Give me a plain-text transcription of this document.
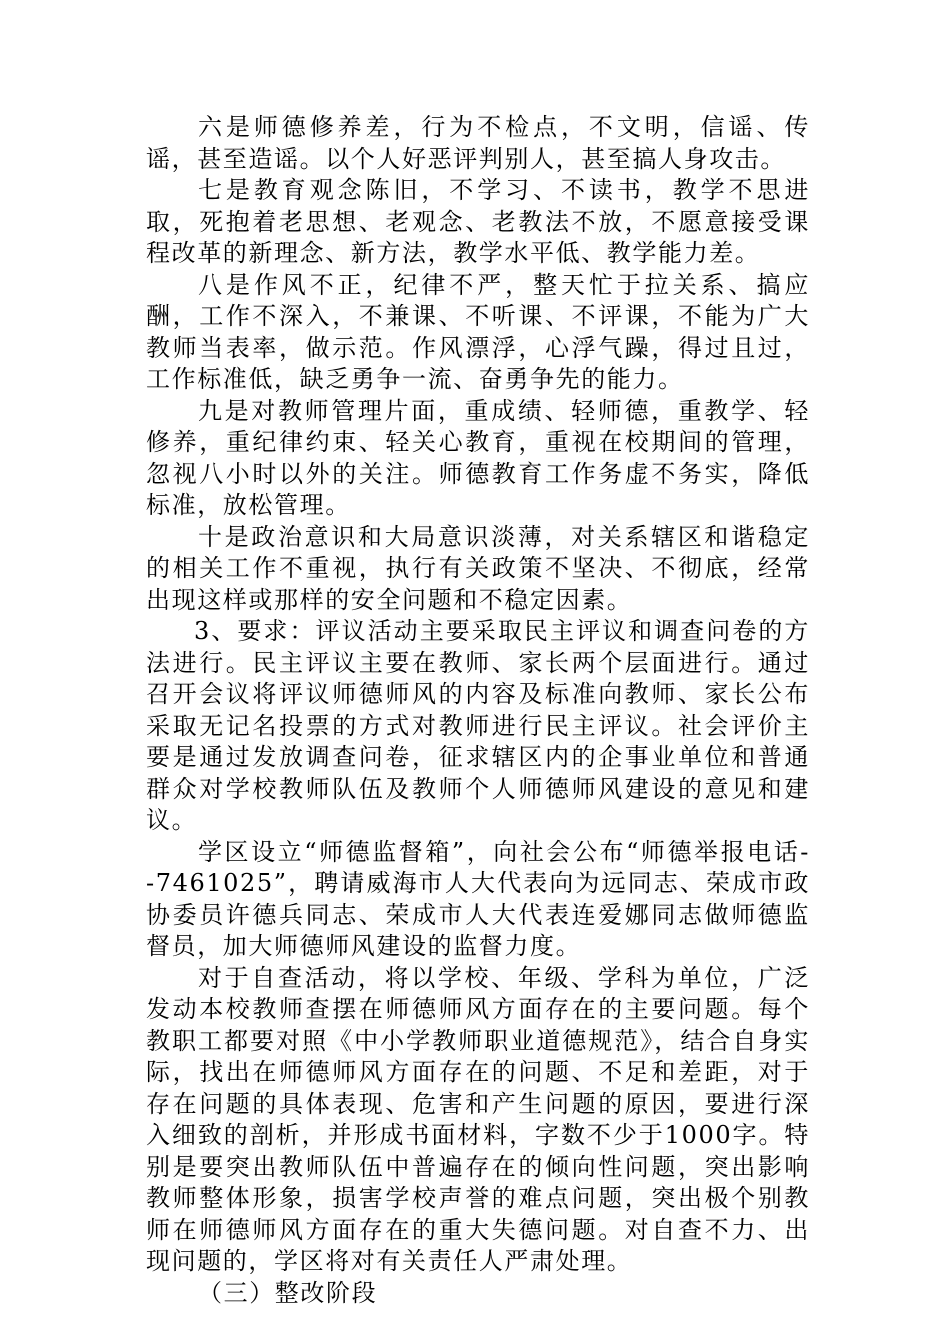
六是师德修养差，行为不检点，不文明，信谣、传谣，甚至造谣。以个人好恶评判别人，甚至搞人身攻击。

七是教育观念陈旧，不学习、不读书，教学不思进取，死抱着老思想、老观念、老教法不放，不愿意接受课程改革的新理念、新方法，教学水平低、教学能力差。

八是作风不正，纪律不严，整天忙于拉关系、搞应酬，工作不深入，不兼课、不听课、不评课，不能为广大教师当表率，做示范。作风漂浮，心浮气躁，得过且过，工作标准低，缺乏勇争一流、奋勇争先的能力。

九是对教师管理片面，重成绩、轻师德，重教学、轻修养，重纪律约束、轻关心教育，重视在校期间的管理，忽视八小时以外的关注。师德教育工作务虚不务实，降低标准，放松管理。

十是政治意识和大局意识淡薄，对关系辖区和谐稳定的相关工作不重视，执行有关政策不坚决、不彻底，经常出现这样或那样的安全问题和不稳定因素。

3、要求：评议活动主要采取民主评议和调查问卷的方法进行。民主评议主要在教师、家长两个层面进行。通过召开会议将评议师德师风的内容及标准向教师、家长公布采取无记名投票的方式对教师进行民主评议。社会评价主要是通过发放调查问卷，征求辖区内的企事业单位和普通群众对学校教师队伍及教师个人师德师风建设的意见和建议。

学区设立“师德监督箱”，向社会公布“师德举报电话--7461025”，聘请威海市人大代表向为远同志、荣成市政协委员许德兵同志、荣成市人大代表连爱娜同志做师德监督员，加大师德师风建设的监督力度。

对于自查活动，将以学校、年级、学科为单位，广泛发动本校教师查摆在师德师风方面存在的主要问题。每个教职工都要对照《中小学教师职业道德规范》，结合自身实际，找出在师德师风方面存在的问题、不足和差距，对于存在问题的具体表现、危害和产生问题的原因，要进行深入细致的剖析，并形成书面材料，字数不少于1000字。特别是要突出教师队伍中普遍存在的倾向性问题，突出影响教师整体形象，损害学校声誉的难点问题，突出极个别教师在师德师风方面存在的重大失德问题。对自查不力、出现问题的，学区将对有关责任人严肃处理。

（三）整改阶段
